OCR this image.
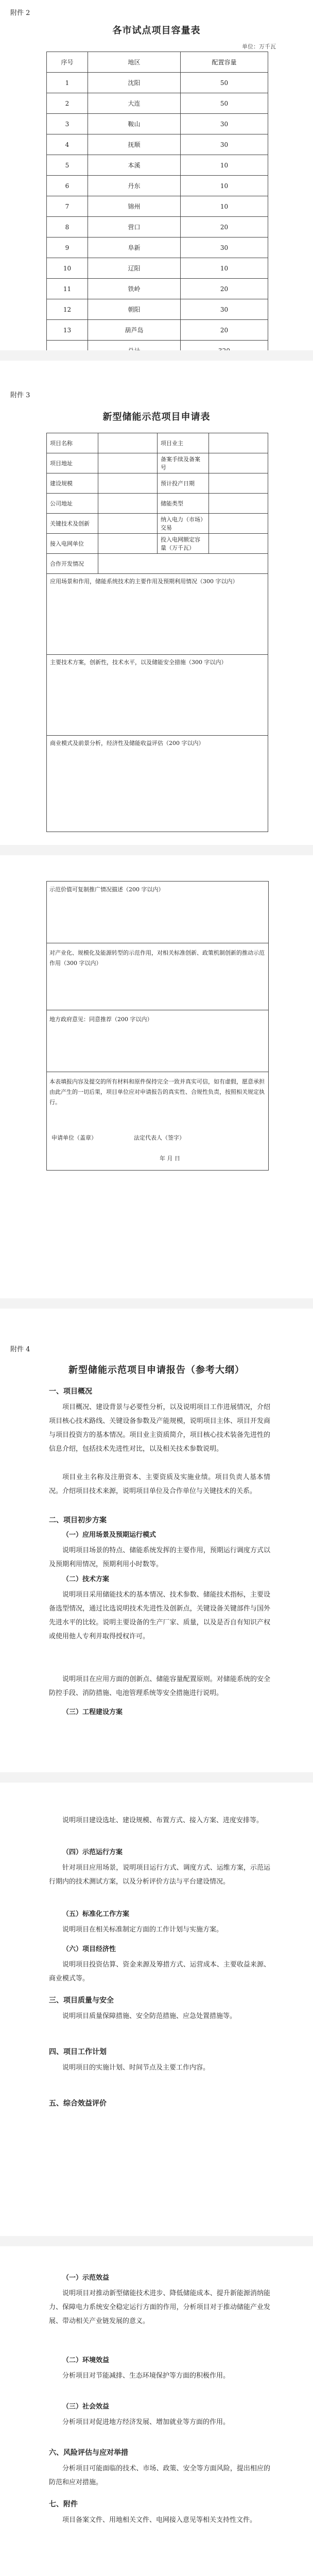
附件 2
各市试点项目容量表
单位：万千瓦
序号	地区	配置容量
1	沈阳	50
2	大连	50
3	鞍山	30
4	抚顺	30
5	本溪	10
6	丹东	10
7	锦州	10
8	营口	20
9	阜新	30
10	辽阳	10
11	铁岭	20
12	朝阳	30
13	葫芦岛	20

附件 3
新型储能示范项目申请表
项目名称		项目业主	
项目地址		备案手续及备案号	
建设规模		预计投产日期	
公司地址		储能类型	
关键技术及创新		纳入电力（市场）交易	
接入电网单位		投入电网额定容量（万千瓦）	
合作开发情况			
应用场景和作用，储能系统技术的主要作用及预期利用情况（300 字以内）			
主要技术方案，创新性，技术水平，以及储能安全措施（300 字以内）			
商业模式及前景分析，经济性及储能收益评估（200 字以内）			
示范价值可复制推广情况描述（200 字以内）
对产业化、规模化及能源转型的示范作用，对相关标准创新、政策机制创新的推动示范作用（300 字以内）
地方政府意见：同意推荐（200 字以内）
本表填报内容及提交的所有材料和原件保持完全一致并真实可信，如有虚假，愿意承担由此产生的一切后果，项目单位应对申请报告的真实性、合规性负责，按照相关规定执行。
申请单位（盖章）	法定代表人（签字）
年 月 日
附件 4
新型储能示范项目申请报告（参考大纲）
一、项目概况

项目概况、建设背景与必要性分析，以及说明项目工作进展情况，介绍项目核心技术路线、关键设备参数及产能规模，说明项目主体、项目开发商与项目投资方的基本情况。项目业主资质简介，项目核心技术装备先进性的信息介绍，包括技术先进性对比，以及相关技术参数说明。

项目业主名称及注册资本、主要资质及实施业绩。项目负责人基本情况。介绍项目技术来源，说明项目单位及合作单位与关键技术的关系。

二、项目初步方案
（一）应用场景及预期运行模式

说明项目场景的特点、储能系统发挥的主要作用，预期运行调度方式以及预期利用情况，预期利用小时数等。

（二）技术方案

说明项目采用储能技术的基本情况、技术参数、储能技术指标，主要设备选型情况，通过比选说明技术先进性及创新点，关键设备关键部件与国外先进水平的比较。说明主要设备的生产厂家、质量，以及是否自有知识产权或使用他人专利并取得授权许可。

说明项目在应用方面的创新点、储能容量配置原则。对储能系统的安全防控手段、消防措施、电池管理系统等安全措施进行说明。

（三）工程建设方案

说明项目建设选址、建设规模、布置方式、接入方案、进度安排等。

（四）示范运行方案

针对项目应用场景，说明项目运行方式、调度方式、运维方案，示范运行期内的技术测试方案，以及分析评价方法与平台建设情况。

（五）标准化工作方案

说明项目在相关标准制定方面的工作计划与实施方案。

（六）项目经济性

说明项目投资估算、资金来源及筹措方式、运营成本、主要收益来源、商业模式等。

三、项目质量与安全

说明项目质量保障措施、安全防范措施、应急处置措施等。

四、项目工作计划

说明项目的实施计划、时间节点及主要工作内容。

五、综合效益评价
（一）示范效益

说明项目对推动新型储能技术进步、降低储能成本、提升新能源消纳能力、保障电力系统安全稳定运行方面的作用，分析项目对于推动储能产业发展、带动相关产业链发展的意义。

（二）环境效益

分析项目对节能减排、生态环境保护等方面的积极作用。

（三）社会效益

分析项目对促进地方经济发展、增加就业等方面的作用。

六、风险评估与应对举措

分析项目可能面临的技术、市场、政策、安全等方面风险，提出相应的防范和应对措施。

七、附件

项目备案文件、用地相关文件、电网接入意见等相关支持性文件。
